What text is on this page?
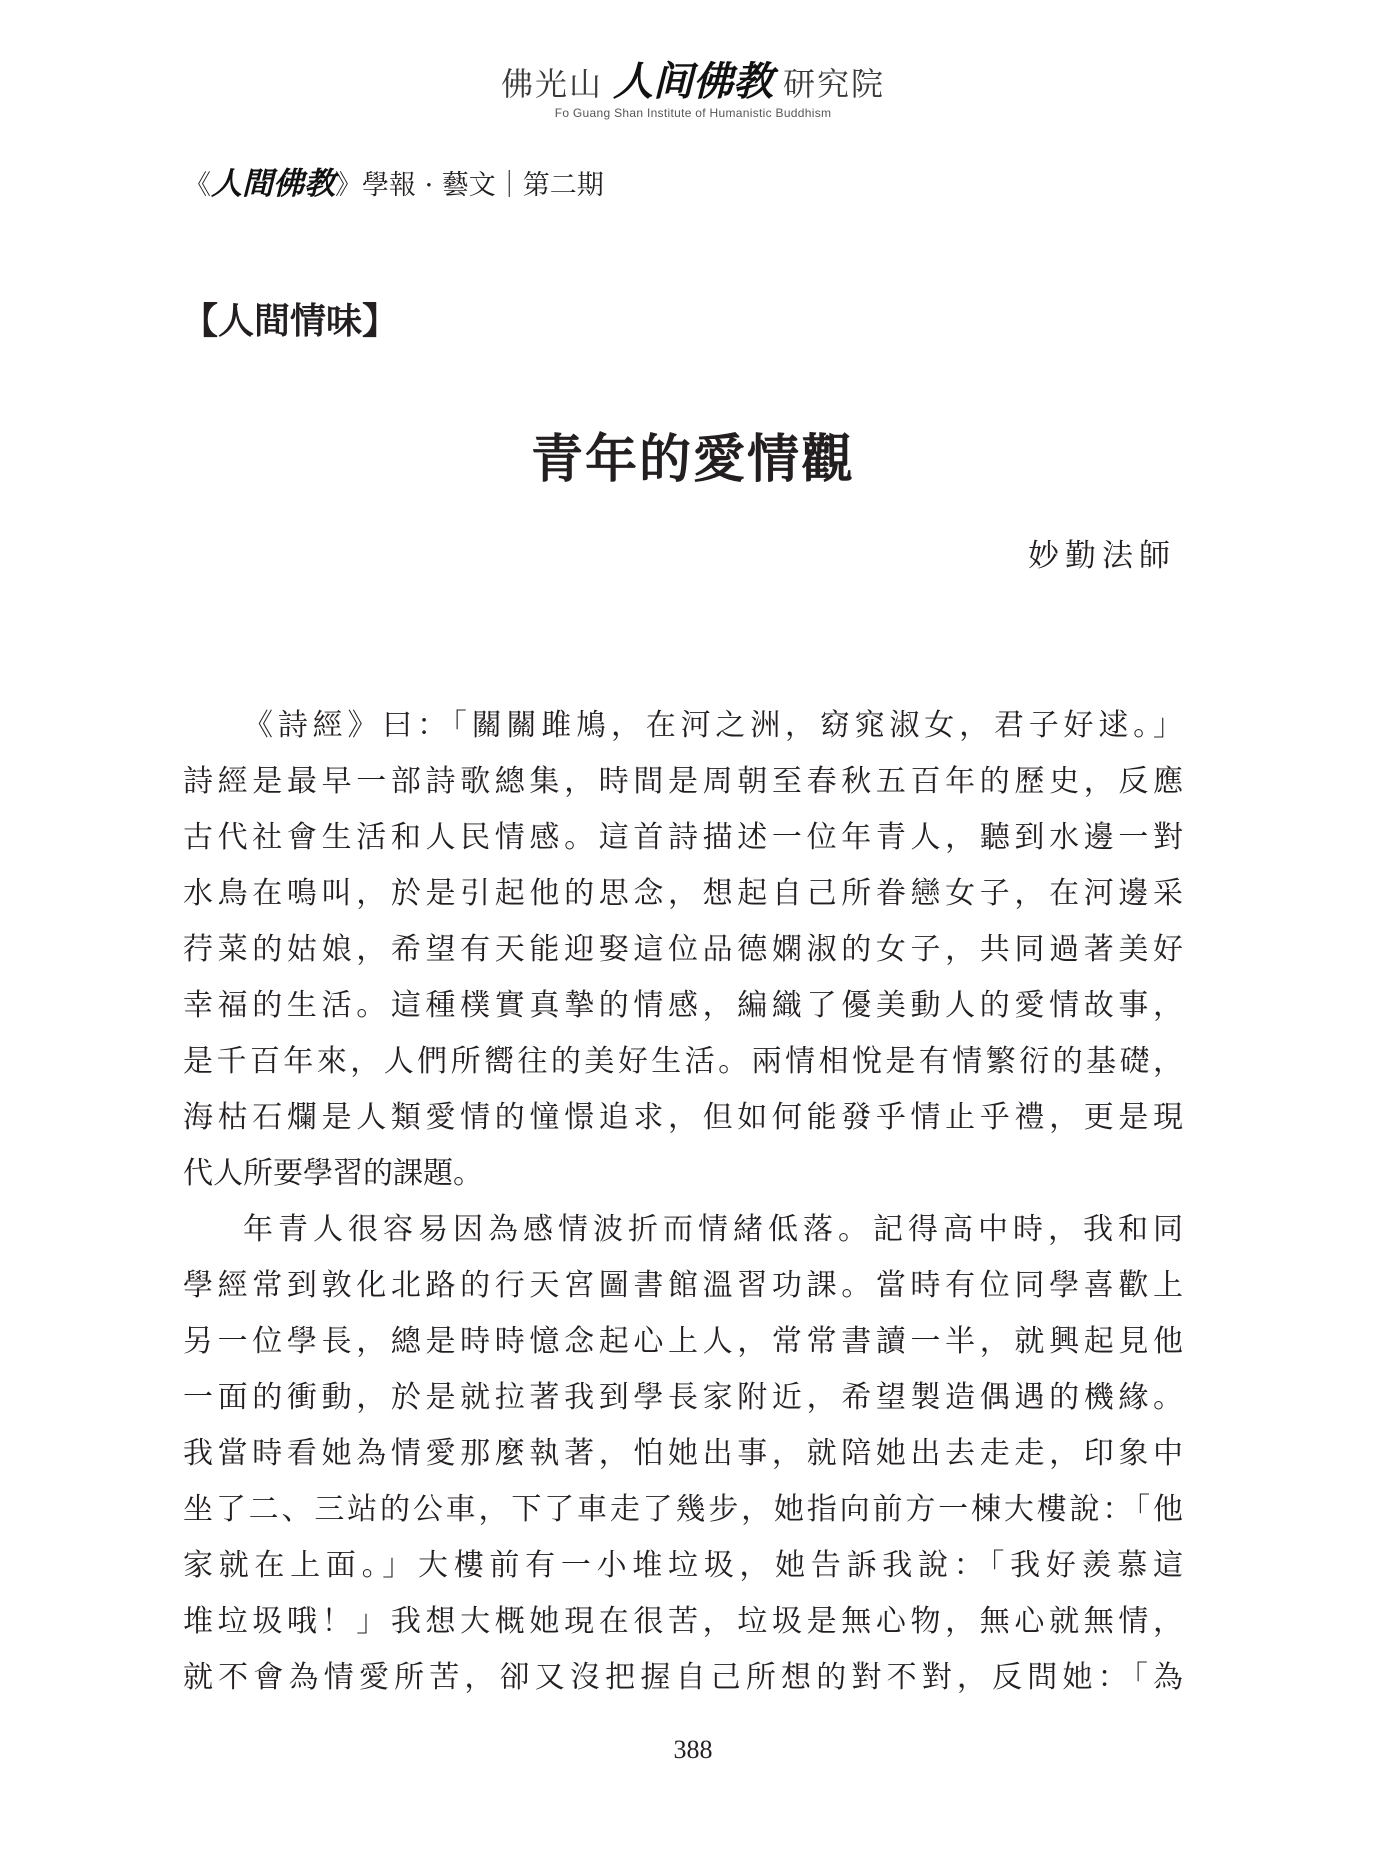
佛光山 人间佛教 研究院
Fo Guang Shan Institute of Humanistic Buddhism
《人間佛教》學報 · 藝文｜第二期
【人間情味】
青年的愛情觀
妙勤法師
《詩經》曰：「關關雎鳩，在河之洲，窈窕淑女，君子好逑。」
詩經是最早一部詩歌總集，時間是周朝至春秋五百年的歷史，反應
古代社會生活和人民情感。這首詩描述一位年青人，聽到水邊一對
水鳥在鳴叫，於是引起他的思念，想起自己所眷戀女子，在河邊采
荇菜的姑娘，希望有天能迎娶這位品德嫻淑的女子，共同過著美好
幸福的生活。這種樸實真摯的情感，編織了優美動人的愛情故事，
是千百年來，人們所嚮往的美好生活。兩情相悅是有情繁衍的基礎，
海枯石爛是人類愛情的憧憬追求，但如何能發乎情止乎禮，更是現
代人所要學習的課題。
年青人很容易因為感情波折而情緒低落。記得高中時，我和同
學經常到敦化北路的行天宮圖書館溫習功課。當時有位同學喜歡上
另一位學長，總是時時憶念起心上人，常常書讀一半，就興起見他
一面的衝動，於是就拉著我到學長家附近，希望製造偶遇的機緣。
我當時看她為情愛那麼執著，怕她出事，就陪她出去走走，印象中
坐了二、三站的公車，下了車走了幾步，她指向前方一棟大樓說：「他
家就在上面。」大樓前有一小堆垃圾，她告訴我說：「我好羨慕這
堆垃圾哦！」我想大概她現在很苦，垃圾是無心物，無心就無情，
就不會為情愛所苦，卻又沒把握自己所想的對不對，反問她：「為
388
